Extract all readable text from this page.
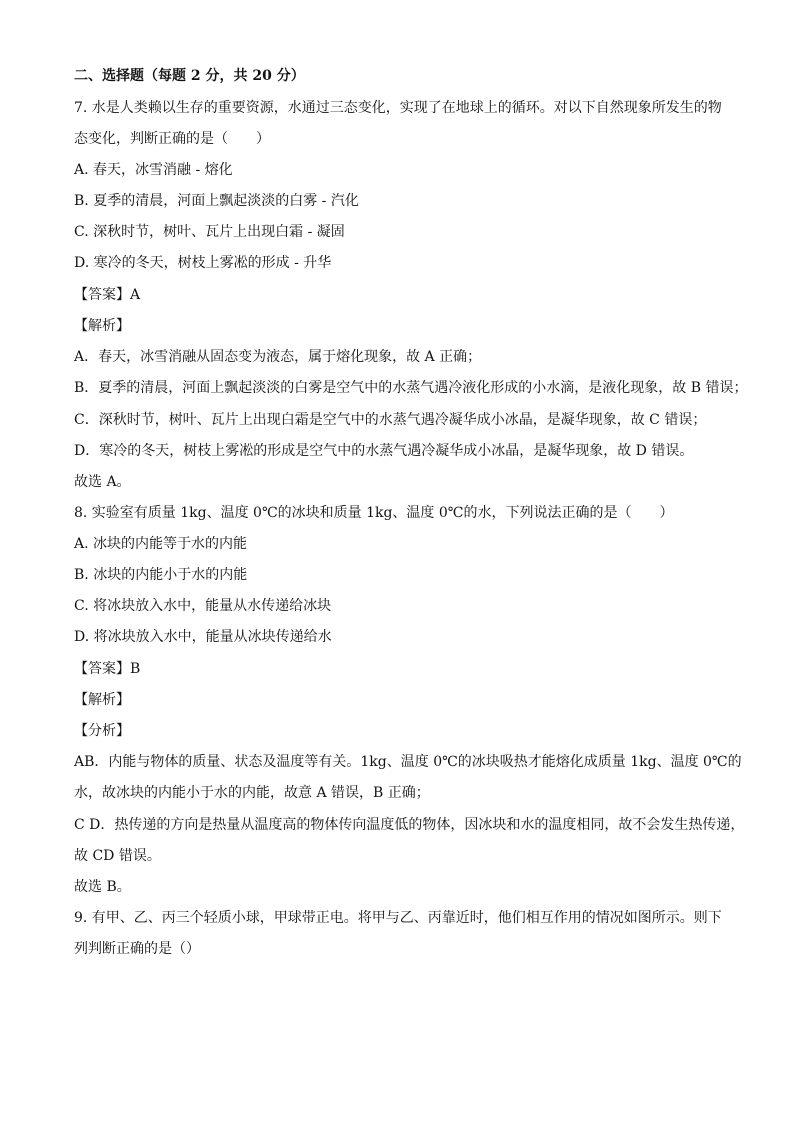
二、选择题（每题 2 分，共 20 分）
7. 水是人类赖以生存的重要资源，水通过三态变化，实现了在地球上的循环。对以下自然现象所发生的物
态变化，判断正确的是（　　）
A. 春天，冰雪消融 - 熔化
B. 夏季的清晨，河面上飘起淡淡的白雾 - 汽化
C. 深秋时节，树叶、瓦片上出现白霜 - 凝固
D. 寒冷的冬天，树枝上雾凇的形成 - 升华
【答案】A
【解析】
A．春天，冰雪消融从固态变为液态，属于熔化现象，故 A 正确；
B．夏季的清晨，河面上飘起淡淡的白雾是空气中的水蒸气遇冷液化形成的小水滴，是液化现象，故 B 错误；
C．深秋时节，树叶、瓦片上出现白霜是空气中的水蒸气遇冷凝华成小冰晶，是凝华现象，故 C 错误；
D．寒冷的冬天，树枝上雾凇的形成是空气中的水蒸气遇冷凝华成小冰晶，是凝华现象，故 D 错误。
故选 A。
8. 实验室有质量 1kg、温度 0℃的冰块和质量 1kg、温度 0℃的水，下列说法正确的是（　　）
A. 冰块的内能等于水的内能
B. 冰块的内能小于水的内能
C. 将冰块放入水中，能量从水传递给冰块
D. 将冰块放入水中，能量从冰块传递给水
【答案】B
【解析】
【分析】
AB．内能与物体的质量、状态及温度等有关。1kg、温度 0℃的冰块吸热才能熔化成质量 1kg、温度 0℃的
水，故冰块的内能小于水的内能，故意 A 错误，B 正确；
C D．热传递的方向是热量从温度高的物体传向温度低的物体，因冰块和水的温度相同，故不会发生热传递，
故 CD 错误。
故选 B。
9. 有甲、乙、丙三个轻质小球，甲球带正电。将甲与乙、丙靠近时，他们相互作用的情况如图所示。则下
列判断正确的是（）
